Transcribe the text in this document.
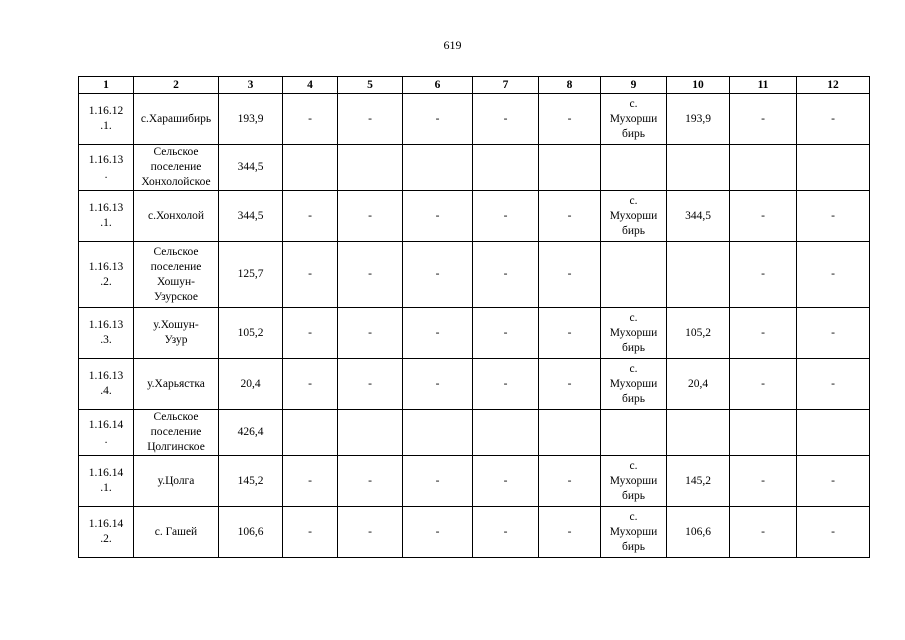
619
1	2	3	4	5	6	7	8	9	10	11	12
1.16.12
.1.	с.Харашибирь	193,9	-	-	-	-	-	с.
Мухорши
бирь	193,9	-	-
1.16.13
.	Сельское
поселение
Хонхолойское	344,5									
1.16.13
.1.	с.Хонхолой	344,5	-	-	-	-	-	с.
Мухорши
бирь	344,5	-	-
1.16.13
.2.	Сельское
поселение
Хошун-
Узурское	125,7	-	-	-	-	-			-	-
1.16.13
.3.	у.Хошун-
Узур	105,2	-	-	-	-	-	с.
Мухорши
бирь	105,2	-	-
1.16.13
.4.	у.Харьястка	20,4	-	-	-	-	-	с.
Мухорши
бирь	20,4	-	-
1.16.14
.	Сельское
поселение
Цолгинское	426,4									
1.16.14
.1.	у.Цолга	145,2	-	-	-	-	-	с.
Мухорши
бирь	145,2	-	-
1.16.14
.2.	с. Гашей	106,6	-	-	-	-	-	с.
Мухорши
бирь	106,6	-	-
